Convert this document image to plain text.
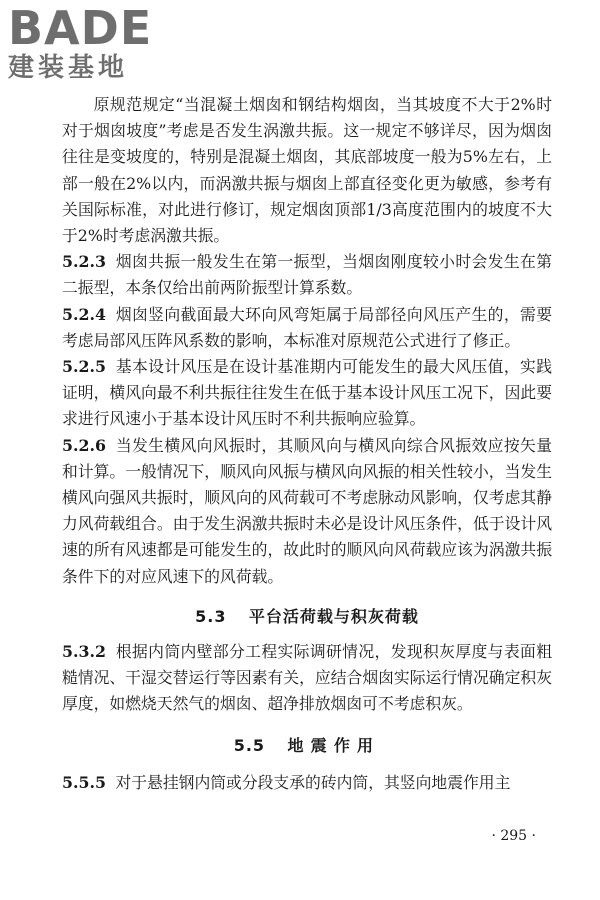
BADE
建装基地

原规范规定“当混凝土烟囱和钢结构烟囱，当其坡度不大于2%时对于烟囱坡度”考虑是否发生涡激共振。这一规定不够详尽，因为烟囱往往是变坡度的，特别是混凝土烟囱，其底部坡度一般为5%左右，上部一般在2%以内，而涡激共振与烟囱上部直径变化更为敏感，参考有关国际标准，对此进行修订，规定烟囱顶部1/3高度范围内的坡度不大于2%时考虑涡激共振。

5.2.3 烟囱共振一般发生在第一振型，当烟囱刚度较小时会发生在第二振型，本条仅给出前两阶振型计算系数。

5.2.4 烟囱竖向截面最大环向风弯矩属于局部径向风压产生的，需要考虑局部风压阵风系数的影响，本标准对原规范公式进行了修正。

5.2.5 基本设计风压是在设计基准期内可能发生的最大风压值，实践证明，横风向最不利共振往往发生在低于基本设计风压工况下，因此要求进行风速小于基本设计风压时不利共振响应验算。

5.2.6 当发生横风向风振时，其顺风向与横风向综合风振效应按矢量和计算。一般情况下，顺风向风振与横风向风振的相关性较小，当发生横风向强风共振时，顺风向的风荷载可不考虑脉动风影响，仅考虑其静力风荷载组合。由于发生涡激共振时未必是设计风压条件，低于设计风速的所有风速都是可能发生的，故此时的顺风向风荷载应该为涡激共振条件下的对应风速下的风荷载。

5.3 平台活荷载与积灰荷载

5.3.2 根据内筒内壁部分工程实际调研情况，发现积灰厚度与表面粗糙情况、干湿交替运行等因素有关，应结合烟囱实际运行情况确定积灰厚度，如燃烧天然气的烟囱、超净排放烟囱可不考虑积灰。

5.5 地震作用

5.5.5 对于悬挂钢内筒或分段支承的砖内筒，其竖向地震作用主

· 295 ·
